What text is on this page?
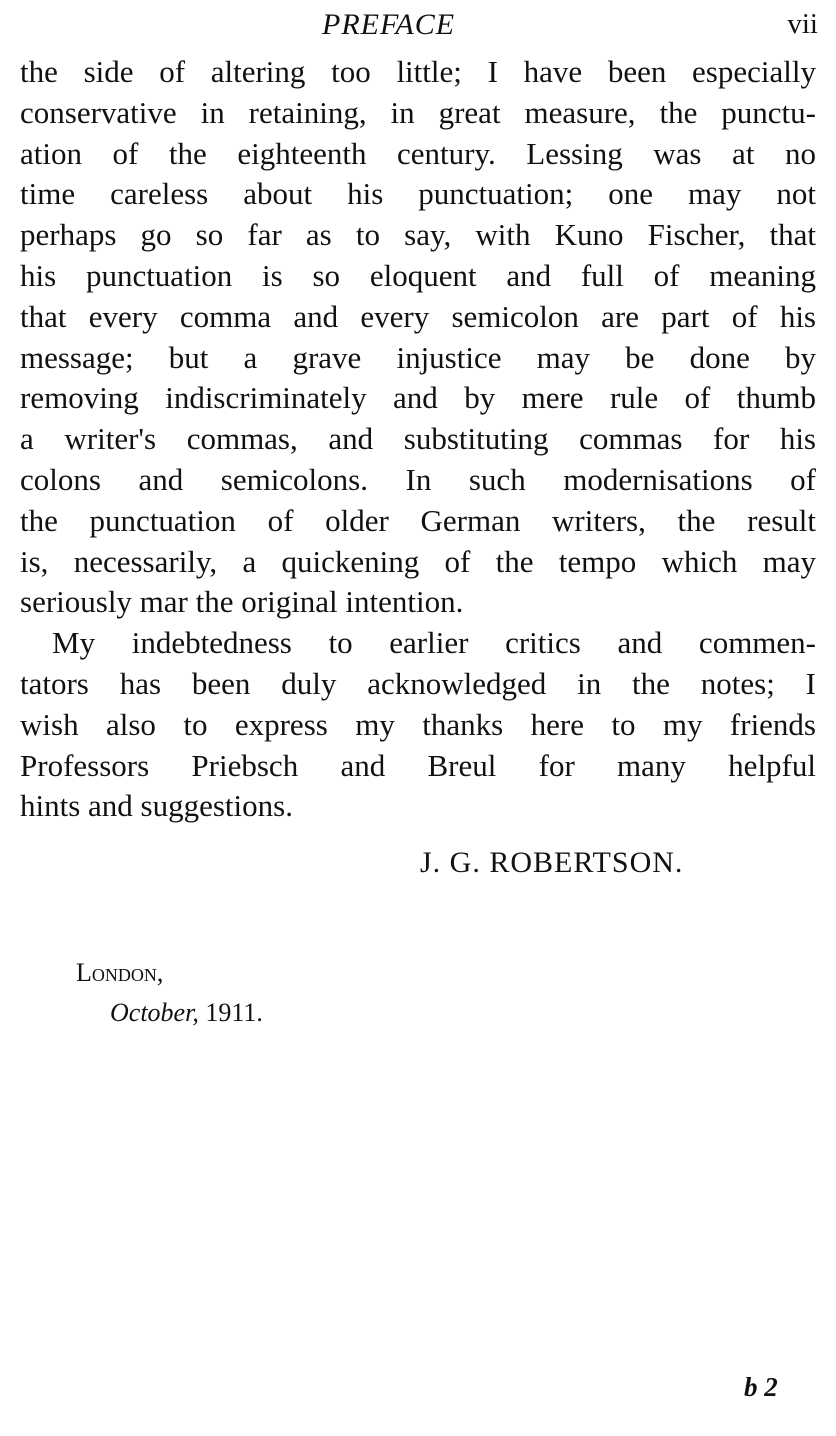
PREFACE	vii
the side of altering too little; I have been especially
conservative in retaining, in great measure, the punctu-
ation of the eighteenth century. Lessing was at no
time careless about his punctuation; one may not
perhaps go so far as to say, with Kuno Fischer, that
his punctuation is so eloquent and full of meaning
that every comma and every semicolon are part of his
message; but a grave injustice may be done by
removing indiscriminately and by mere rule of thumb
a writer's commas, and substituting commas for his
colons and semicolons. In such modernisations of
the punctuation of older German writers, the result
is, necessarily, a quickening of the tempo which may
seriously mar the original intention.
My indebtedness to earlier critics and commen-
tators has been duly acknowledged in the notes; I
wish also to express my thanks here to my friends
Professors Priebsch and Breul for many helpful
hints and suggestions.
J. G. ROBERTSON.
London,
October, 1911.
b 2
